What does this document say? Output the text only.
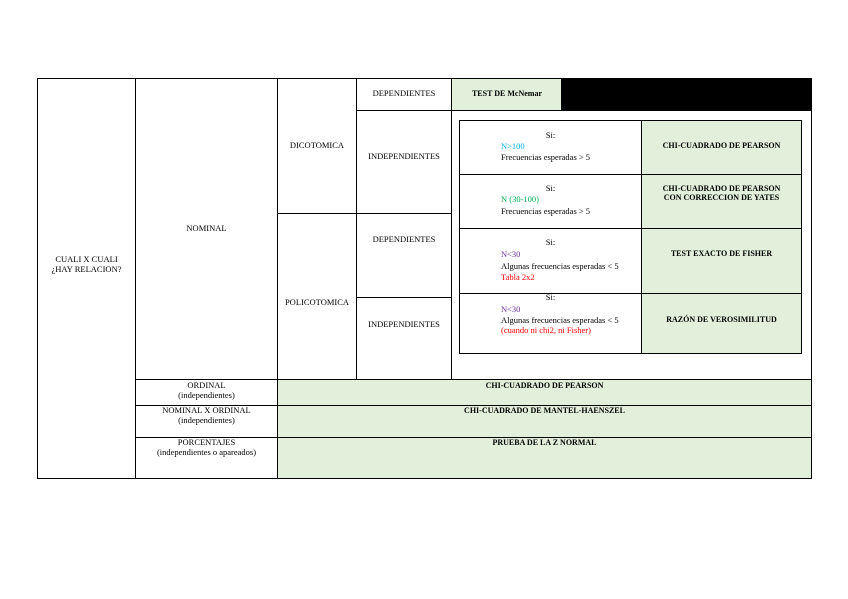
CUALI X CUALI
¿HAY RELACION?
NOMINAL
DICOTOMICA
POLICOTOMICA
DEPENDIENTES
INDEPENDIENTES
DEPENDIENTES
INDEPENDIENTES
TEST DE McNemar
Si:
N>100
Frecuencias esperadas > 5
CHI-CUADRADO DE PEARSON
Si:
N (30-100)
Frecuencias esperadas > 5
CHI-CUADRADO DE PEARSON
CON CORRECCION DE YATES
Si:
N<30
Algunas frecuencias esperadas < 5
Tabla 2x2
TEST EXACTO DE FISHER
Si:
N<30
Algunas frecuencias esperadas < 5
(cuando ni chi2, ni Fisher)
RAZÓN DE VEROSIMILITUD
ORDINAL
(independientes)
CHI-CUADRADO DE PEARSON
NOMINAL X ORDINAL
(independientes)
CHI-CUADRADO DE MANTEL-HAENSZEL
PORCENTAJES
(independientes o apareados)
PRUEBA DE LA Z NORMAL
